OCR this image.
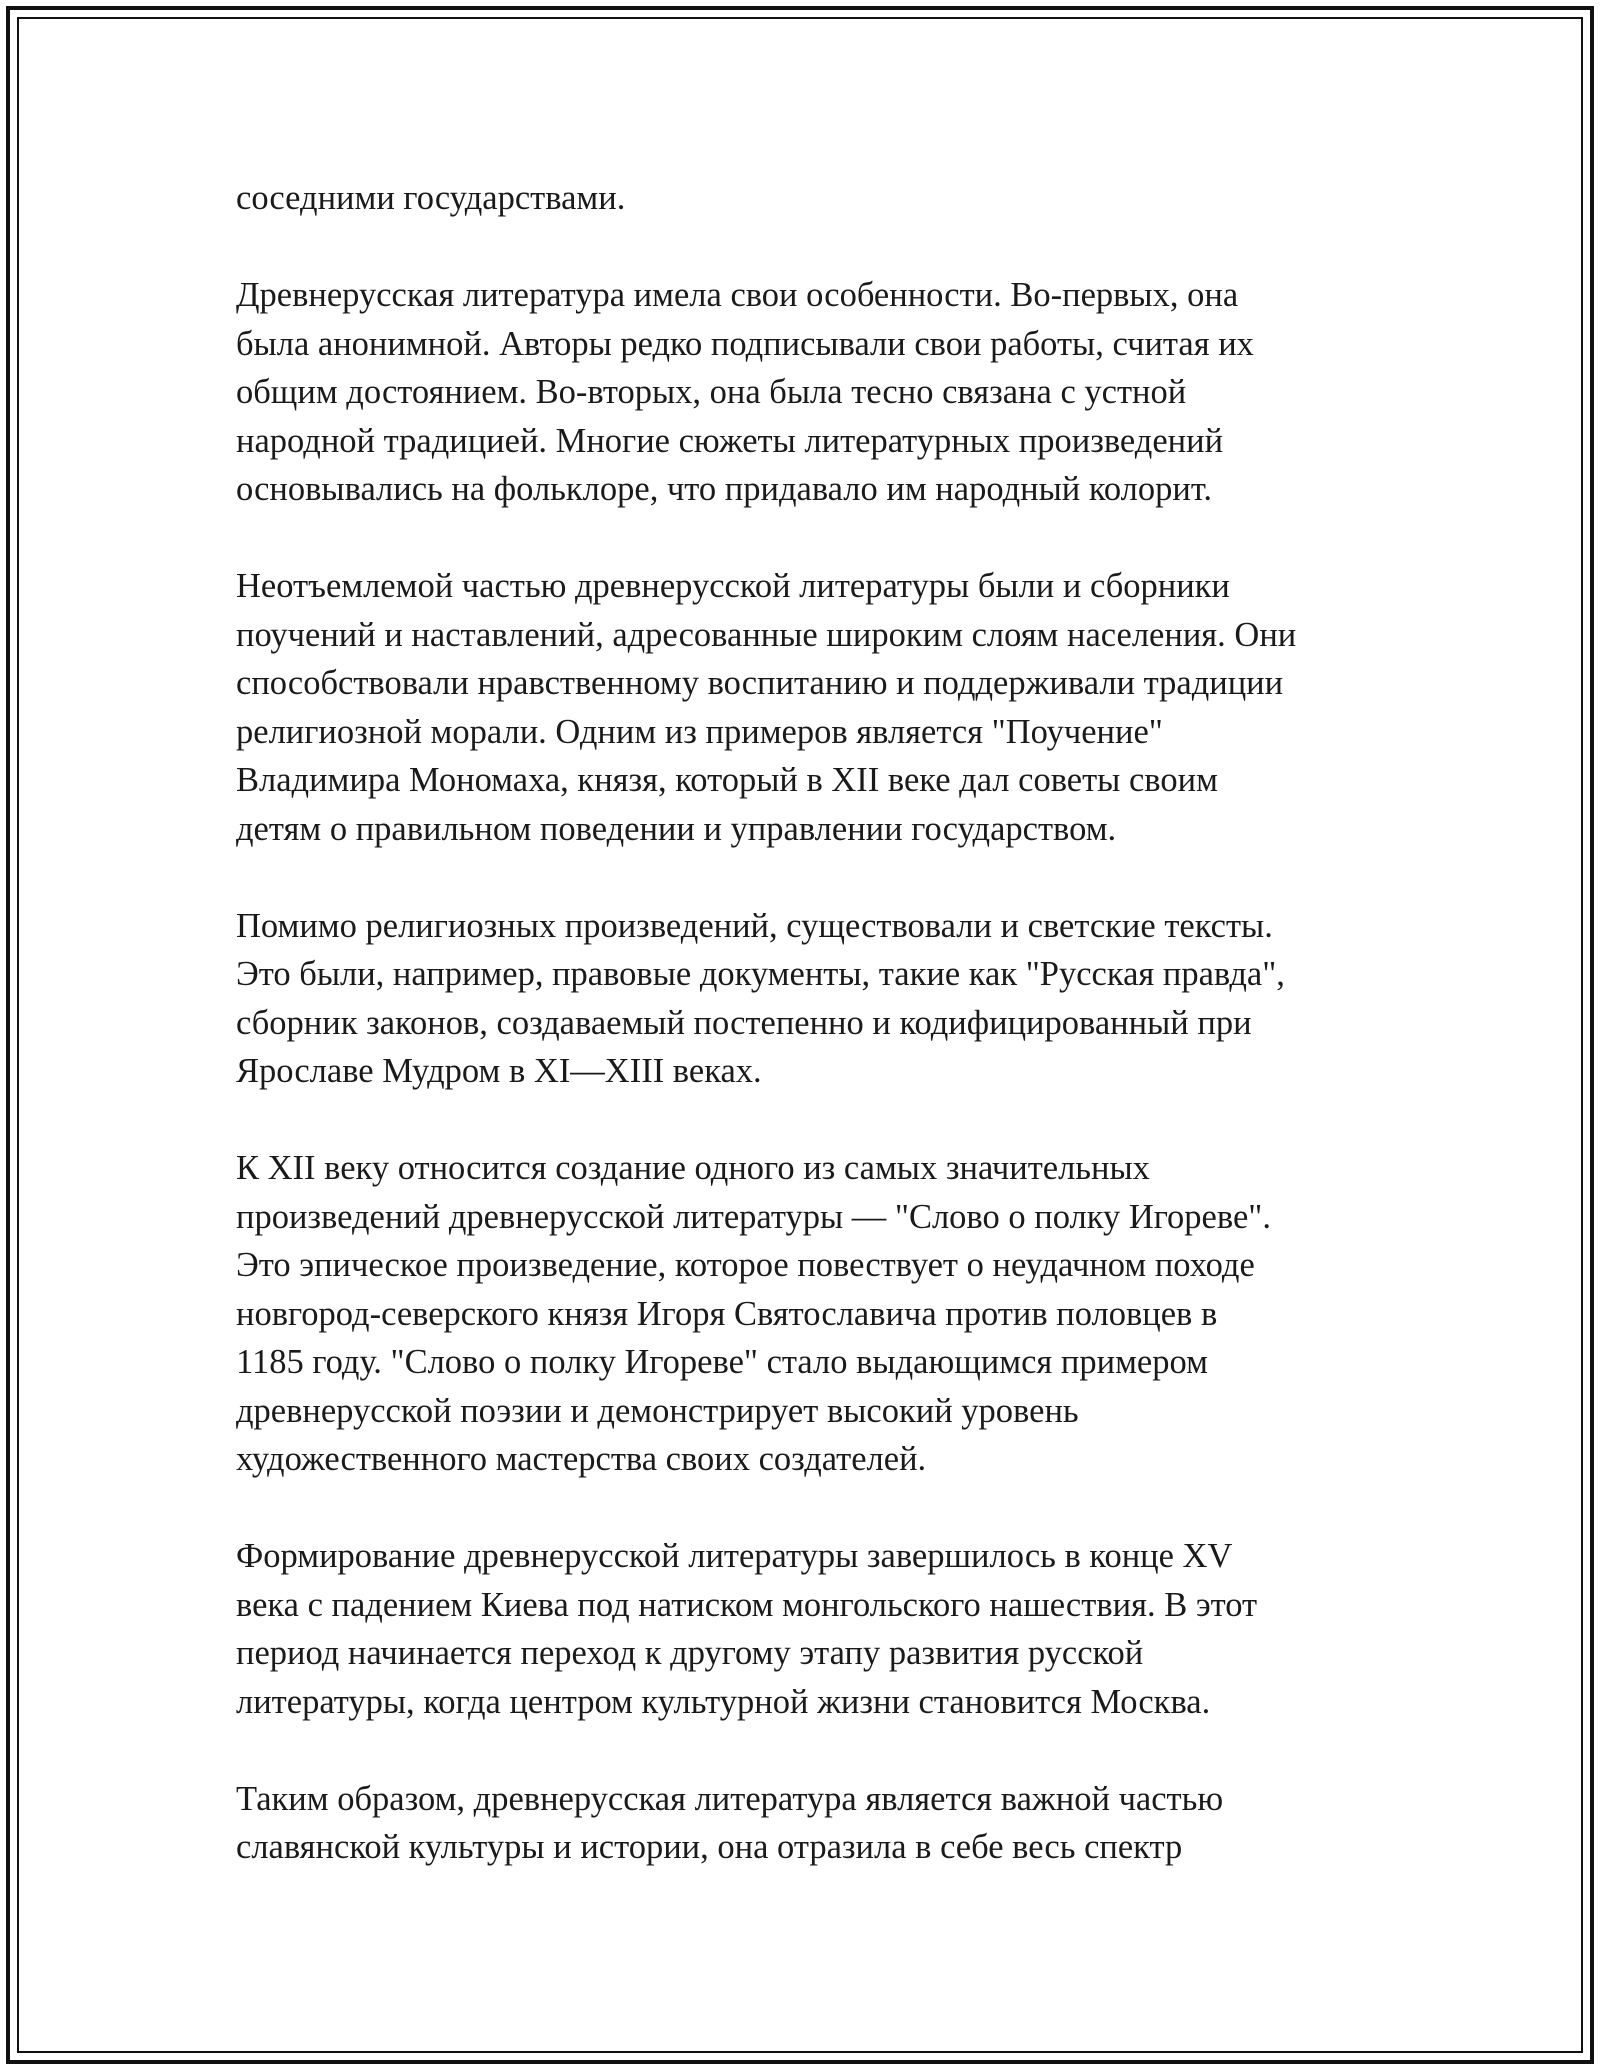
соседними государствами.

Древнерусская литература имела свои особенности. Во-первых, она
была анонимной. Авторы редко подписывали свои работы, считая их
общим достоянием. Во-вторых, она была тесно связана с устной
народной традицией. Многие сюжеты литературных произведений
основывались на фольклоре, что придавало им народный колорит.

Неотъемлемой частью древнерусской литературы были и сборники
поучений и наставлений, адресованные широким слоям населения. Они
способствовали нравственному воспитанию и поддерживали традиции
религиозной морали. Одним из примеров является "Поучение"
Владимира Мономаха, князя, который в XII веке дал советы своим
детям о правильном поведении и управлении государством.

Помимо религиозных произведений, существовали и светские тексты.
Это были, например, правовые документы, такие как "Русская правда",
сборник законов, создаваемый постепенно и кодифицированный при
Ярославе Мудром в XI—XIII веках.

К XII веку относится создание одного из самых значительных
произведений древнерусской литературы — "Слово о полку Игореве".
Это эпическое произведение, которое повествует о неудачном походе
новгород-северского князя Игоря Святославича против половцев в
1185 году. "Слово о полку Игореве" стало выдающимся примером
древнерусской поэзии и демонстрирует высокий уровень
художественного мастерства своих создателей.

Формирование древнерусской литературы завершилось в конце XV
века с падением Киева под натиском монгольского нашествия. В этот
период начинается переход к другому этапу развития русской
литературы, когда центром культурной жизни становится Москва.

Таким образом, древнерусская литература является важной частью
славянской культуры и истории, она отразила в себе весь спектр
